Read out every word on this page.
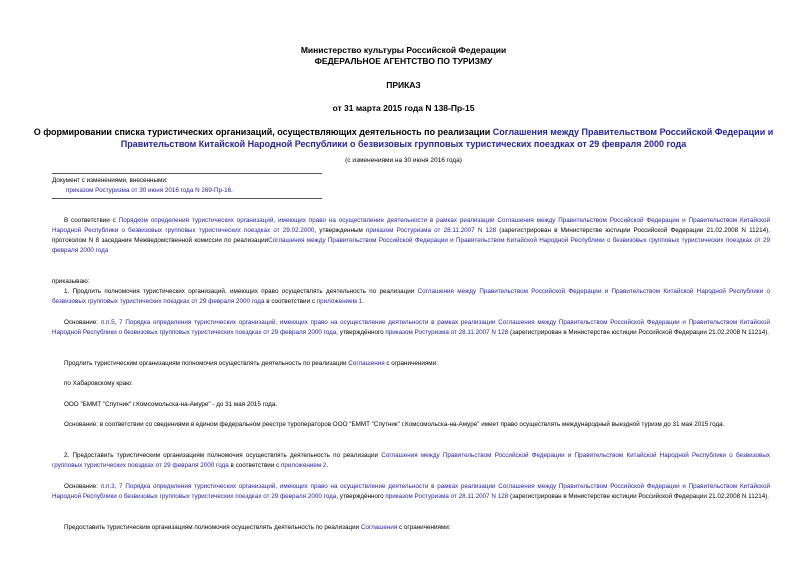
Министерство культуры Российской Федерации
ФЕДЕРАЛЬНОЕ АГЕНТСТВО ПО ТУРИЗМУ
ПРИКАЗ
от 31 марта 2015 года N 138-Пр-15
О формировании списка туристических организаций, осуществляющих деятельность по реализации Соглашения между Правительством Российской Федерации и Правительством Китайской Народной Республики о безвизовых групповых туристических поездках от 29 февраля 2000 года
(с изменениями на 30 июня 2016 года)
Документ с изменениями, внесенными:
приказом Ростуризма от 30 июня 2016 года N 269-Пр-16.
В соответствии с Порядком определения туристических организаций, имеющих право на осуществление деятельности в рамках реализации Соглашения между Правительством Российской Федерации и Правительством Китайской Народной Республики о безвизовых групповых туристических поездках от 29.02.2000, утвержденным приказом Ростуризма от 28.11.2007 N 128 (зарегистрирован в Министерстве юстиции Российской Федерации 21.02.2008 N 11214), протоколом N 8 заседания Межведомственной комиссии по реализацииСоглашения между Правительством Российской Федерации и Правительством Китайской Народной Республики о безвизовых групповых туристических поездках от 29 февраля 2000 года
приказываю:
1. Продлить полномочия туристических организаций, имеющих право осуществлять деятельность по реализации Соглашения между Правительством Российской Федерации и Правительством Китайской Народной Республики о безвизовых групповых туристических поездках от 29 февраля 2000 года в соответствии с приложением 1.
Основание: п.п.5, 7 Порядка определения туристических организаций, имеющих право на осуществление деятельности в рамках реализации Соглашения между Правительством Российской Федерации и Правительством Китайской Народной Республики о безвизовых групповых туристических поездках от 29 февраля 2000 года, утверждённого приказом Ростуризма от 28.11.2007 N 128 (зарегистрирован в Министерстве юстиции Российской Федерации 21.02.2008 N 11214).
Продлить туристическим организациям полномочия осуществлять деятельность по реализации Соглашения с ограничениями:
по Хабаровскому краю:
ООО "БММТ "Спутник" г.Комсомольска-на-Амуре" - до 31 мая 2015 года.
Основание: в соответствии со сведениями в едином федеральном реестре туроператоров ООО "БММТ "Спутник" г.Комсомольска-на-Амуре" имеет право осуществлять международный выездной туризм до 31 мая 2015 года.
2. Предоставить туристическим организациям полномочия осуществлять деятельность по реализации Соглашения между Правительством Российской Федерации и Правительством Китайской Народной Республики о безвизовых групповых туристических поездках от 29 февраля 2000 года в соответствии с приложением 2.
Основание: п.п.3, 7 Порядка определения туристических организаций, имеющих право на осуществление деятельности в рамках реализации Соглашения между Правительством Российской Федерации и Правительством Китайской Народной Республики о безвизовых групповых туристических поездках от 29 февраля 2000 года, утверждённого приказом Ростуризма от 28.11.2007 N 128 (зарегистрирован в Министерстве юстиции Российской Федерации 21.02.2008 N 11214).
Предоставить туристическим организациям полномочия осуществлять деятельность по реализации Соглашения с ограничениями:
